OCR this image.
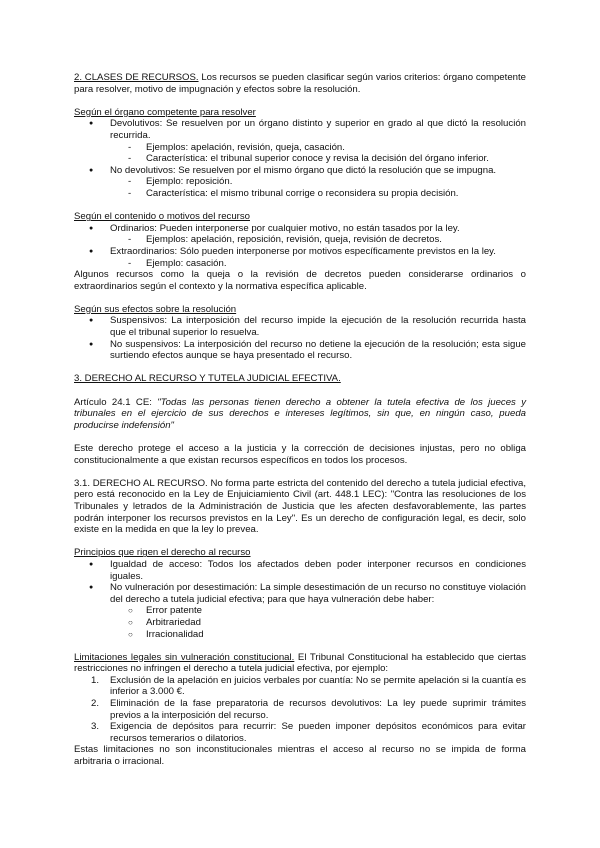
2. CLASES DE RECURSOS. Los recursos se pueden clasificar según varios criterios: órgano competente para resolver, motivo de impugnación y efectos sobre la resolución.

Según el órgano competente para resolver
● Devolutivos: Se resuelven por un órgano distinto y superior en grado al que dictó la resolución recurrida.
- Ejemplos: apelación, revisión, queja, casación.
- Característica: el tribunal superior conoce y revisa la decisión del órgano inferior.
● No devolutivos: Se resuelven por el mismo órgano que dictó la resolución que se impugna.
- Ejemplo: reposición.
- Característica: el mismo tribunal corrige o reconsidera su propia decisión.
Según el contenido o motivos del recurso
● Ordinarios: Pueden interponerse por cualquier motivo, no están tasados por la ley.
- Ejemplos: apelación, reposición, revisión, queja, revisión de decretos.
● Extraordinarios: Sólo pueden interponerse por motivos específicamente previstos en la ley.
- Ejemplo: casación.

Algunos recursos como la queja o la revisión de decretos pueden considerarse ordinarios o extraordinarios según el contexto y la normativa específica aplicable.

Según sus efectos sobre la resolución
● Suspensivos: La interposición del recurso impide la ejecución de la resolución recurrida hasta que el tribunal superior lo resuelva.
● No suspensivos: La interposición del recurso no detiene la ejecución de la resolución; esta sigue surtiendo efectos aunque se haya presentado el recurso.
3. DERECHO AL RECURSO Y TUTELA JUDICIAL EFECTIVA.

Artículo 24.1 CE: "Todas las personas tienen derecho a obtener la tutela efectiva de los jueces y tribunales en el ejercicio de sus derechos e intereses legítimos, sin que, en ningún caso, pueda producirse indefensión"

Este derecho protege el acceso a la justicia y la corrección de decisiones injustas, pero no obliga constitucionalmente a que existan recursos específicos en todos los procesos.

3.1. DERECHO AL RECURSO. No forma parte estricta del contenido del derecho a tutela judicial efectiva, pero está reconocido en la Ley de Enjuiciamiento Civil (art. 448.1 LEC): "Contra las resoluciones de los Tribunales y letrados de la Administración de Justicia que les afecten desfavorablemente, las partes podrán interponer los recursos previstos en la Ley". Es un derecho de configuración legal, es decir, solo existe en la medida en que la ley lo prevea.

Principios que rigen el derecho al recurso
● Igualdad de acceso: Todos los afectados deben poder interponer recursos en condiciones iguales.
● No vulneración por desestimación: La simple desestimación de un recurso no constituye violación del derecho a tutela judicial efectiva; para que haya vulneración debe haber:
○ Error patente
○ Arbitrariedad
○ Irracionalidad

Limitaciones legales sin vulneración constitucional. El Tribunal Constitucional ha establecido que ciertas restricciones no infringen el derecho a tutela judicial efectiva, por ejemplo:

1. Exclusión de la apelación en juicios verbales por cuantía: No se permite apelación si la cuantía es inferior a 3.000 €.
2. Eliminación de la fase preparatoria de recursos devolutivos: La ley puede suprimir trámites previos a la interposición del recurso.
3. Exigencia de depósitos para recurrir: Se pueden imponer depósitos económicos para evitar recursos temerarios o dilatorios.

Estas limitaciones no son inconstitucionales mientras el acceso al recurso no se impida de forma arbitraria o irracional.
